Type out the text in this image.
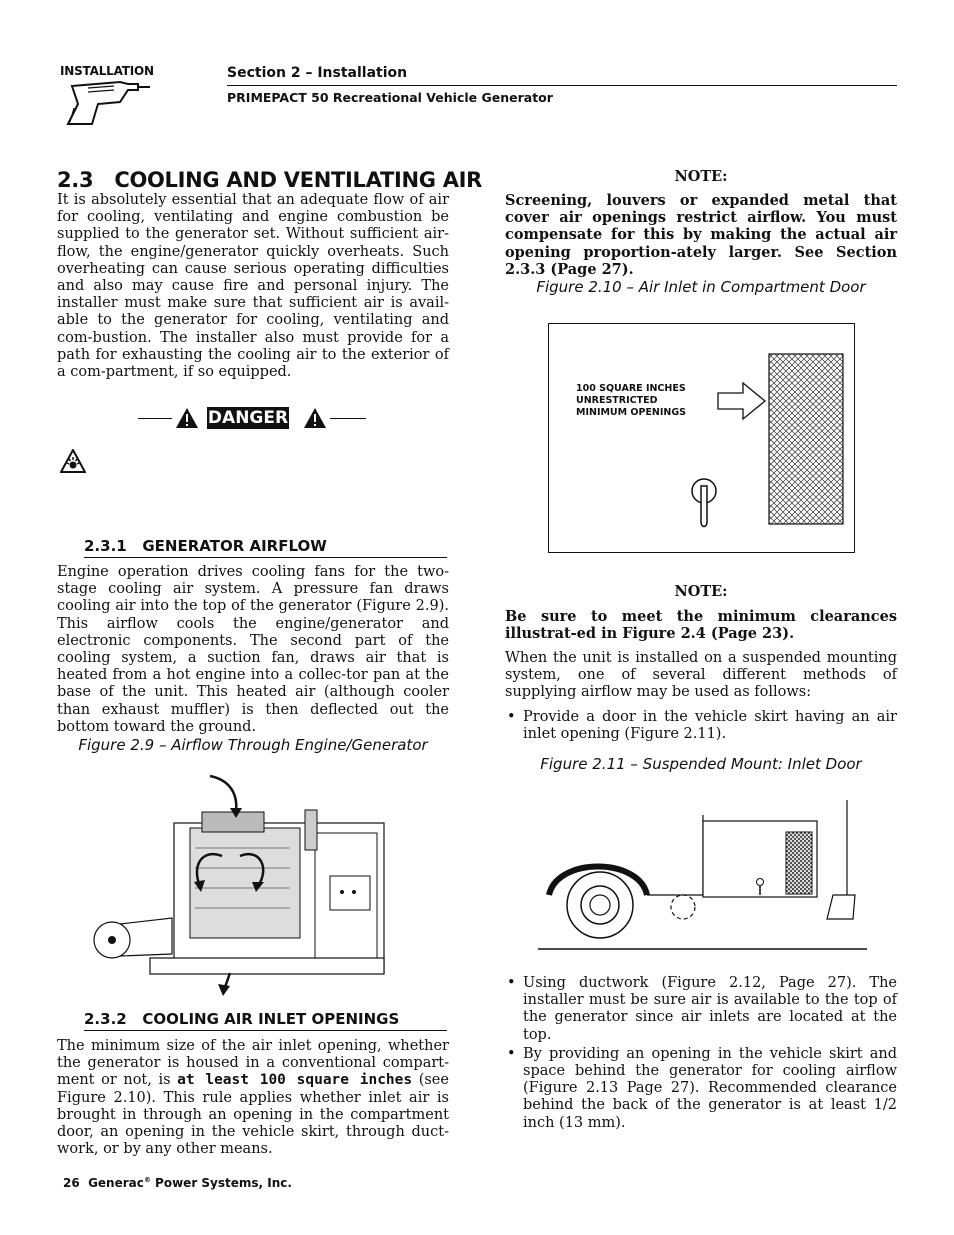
INSTALLATION	Section 2 – Installation
PRIMEPACT 50 Recreational Vehicle Generator
2.3   COOLING AND VENTILATING AIR
It is absolutely essential that an adequate flow of air for cooling, ventilating and engine combustion be supplied to the generator set. Without sufficient air-flow, the engine/generator quickly overheats. Such overheating can cause serious operating difficulties and also may cause fire and personal injury. The installer must make sure that sufficient air is avail-able to the generator for cooling, ventilating and com-bustion. The installer also must provide for a path for exhausting the cooling air to the exterior of a com-partment, if so equipped.
DANGER
2.3.1   GENERATOR AIRFLOW
Engine operation drives cooling fans for the two-stage cooling air system. A pressure fan draws cooling air into the top of the generator (Figure 2.9). This airflow cools the engine/generator and electronic components. The second part of the cooling system, a suction fan, draws air that is heated from a hot engine into a collec-tor pan at the base of the unit. This heated air (although cooler than exhaust muffler) is then deflected out the bottom toward the ground.
Figure 2.9 – Airflow Through Engine/Generator
2.3.2   COOLING AIR INLET OPENINGS
The minimum size of the air inlet opening, whether the generator is housed in a conventional compart-ment or not, is at least 100 square inches (see Figure 2.10). This rule applies whether inlet air is brought in through an opening in the compartment door, an opening in the vehicle skirt, through duct-work, or by any other means.
26 Generac® Power Systems, Inc.
NOTE:
Screening, louvers or expanded metal that cover air openings restrict airflow. You must compensate for this by making the actual air opening proportion-ately larger. See Section 2.3.3 (Page 27).
Figure 2.10 – Air Inlet in Compartment Door
100 SQUARE INCHES
UNRESTRICTED
MINIMUM OPENINGS
NOTE:
Be sure to meet the minimum clearances illustrat-ed in Figure 2.4 (Page 23).
When the unit is installed on a suspended mounting system, one of several different methods of supplying airflow may be used as follows:
• Provide a door in the vehicle skirt having an air inlet opening (Figure 2.11).
Figure 2.11 – Suspended Mount: Inlet Door
• Using ductwork (Figure 2.12, Page 27). The installer must be sure air is available to the top of the generator since air inlets are located at the top.
• By providing an opening in the vehicle skirt and space behind the generator for cooling airflow (Figure 2.13 Page 27). Recommended clearance behind the back of the generator is at least 1/2 inch (13 mm).
